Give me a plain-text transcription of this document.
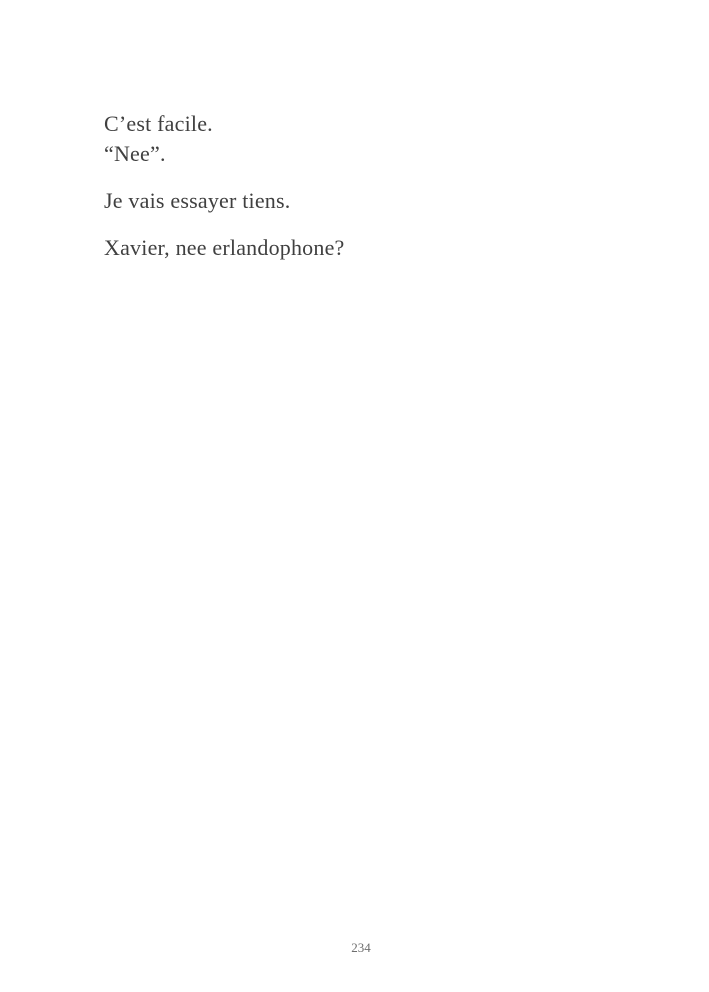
C’est facile.
“Nee”.

Je vais essayer tiens.

Xavier, nee erlandophone?

234
